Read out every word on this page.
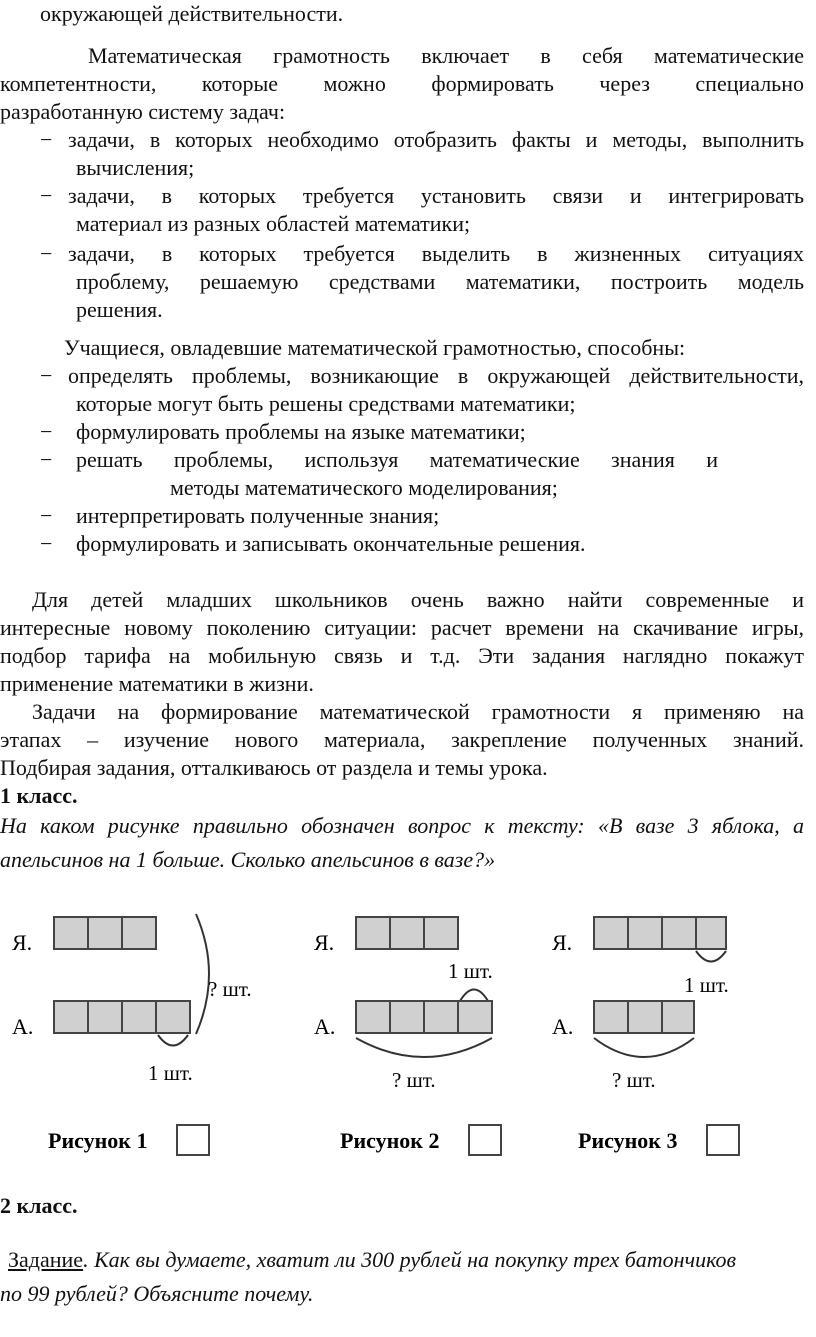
окружающей действительности.
Математическая грамотность включает в себя математические
компетентности, которые можно формировать через специально
разработанную систему задач:
− задачи, в которых необходимо отобразить факты и методы, выполнить
вычисления;
− задачи, в которых требуется установить связи и интегрировать
материал из разных областей математики;
− задачи, в которых требуется выделить в жизненных ситуациях
проблему, решаемую средствами математики, построить модель
решения.
Учащиеся, овладевшие математической грамотностью, способны:
− определять проблемы, возникающие в окружающей действительности,
которые могут быть решены средствами математики;
− формулировать проблемы на языке математики;
− решать проблемы, используя математические знания и
методы математического моделирования;
− интерпретировать полученные знания;
− формулировать и записывать окончательные решения.
Для детей младших школьников очень важно найти современные и
интересные новому поколению ситуации: расчет времени на скачивание игры,
подбор тарифа на мобильную связь и т.д. Эти задания наглядно покажут
применение математики в жизни.
Задачи на формирование математической грамотности я применяю на
этапах – изучение нового материала, закрепление полученных знаний.
Подбирая задания, отталкиваюсь от раздела и темы урока.
1 класс.
На каком рисунке правильно обозначен вопрос к тексту: «В вазе 3 яблока, а
апельсинов на 1 больше. Сколько апельсинов в вазе?»
Я.
А.
1 шт.
? шт.
Рисунок 1
Я.
1 шт.
А.
? шт.
Рисунок 2
Я.
1 шт.
А.
? шт.
Рисунок 3
2 класс.
Задание. Как вы думаете, хватит ли 300 рублей на покупку трех батончиков
по 99 рублей? Объясните почему.
